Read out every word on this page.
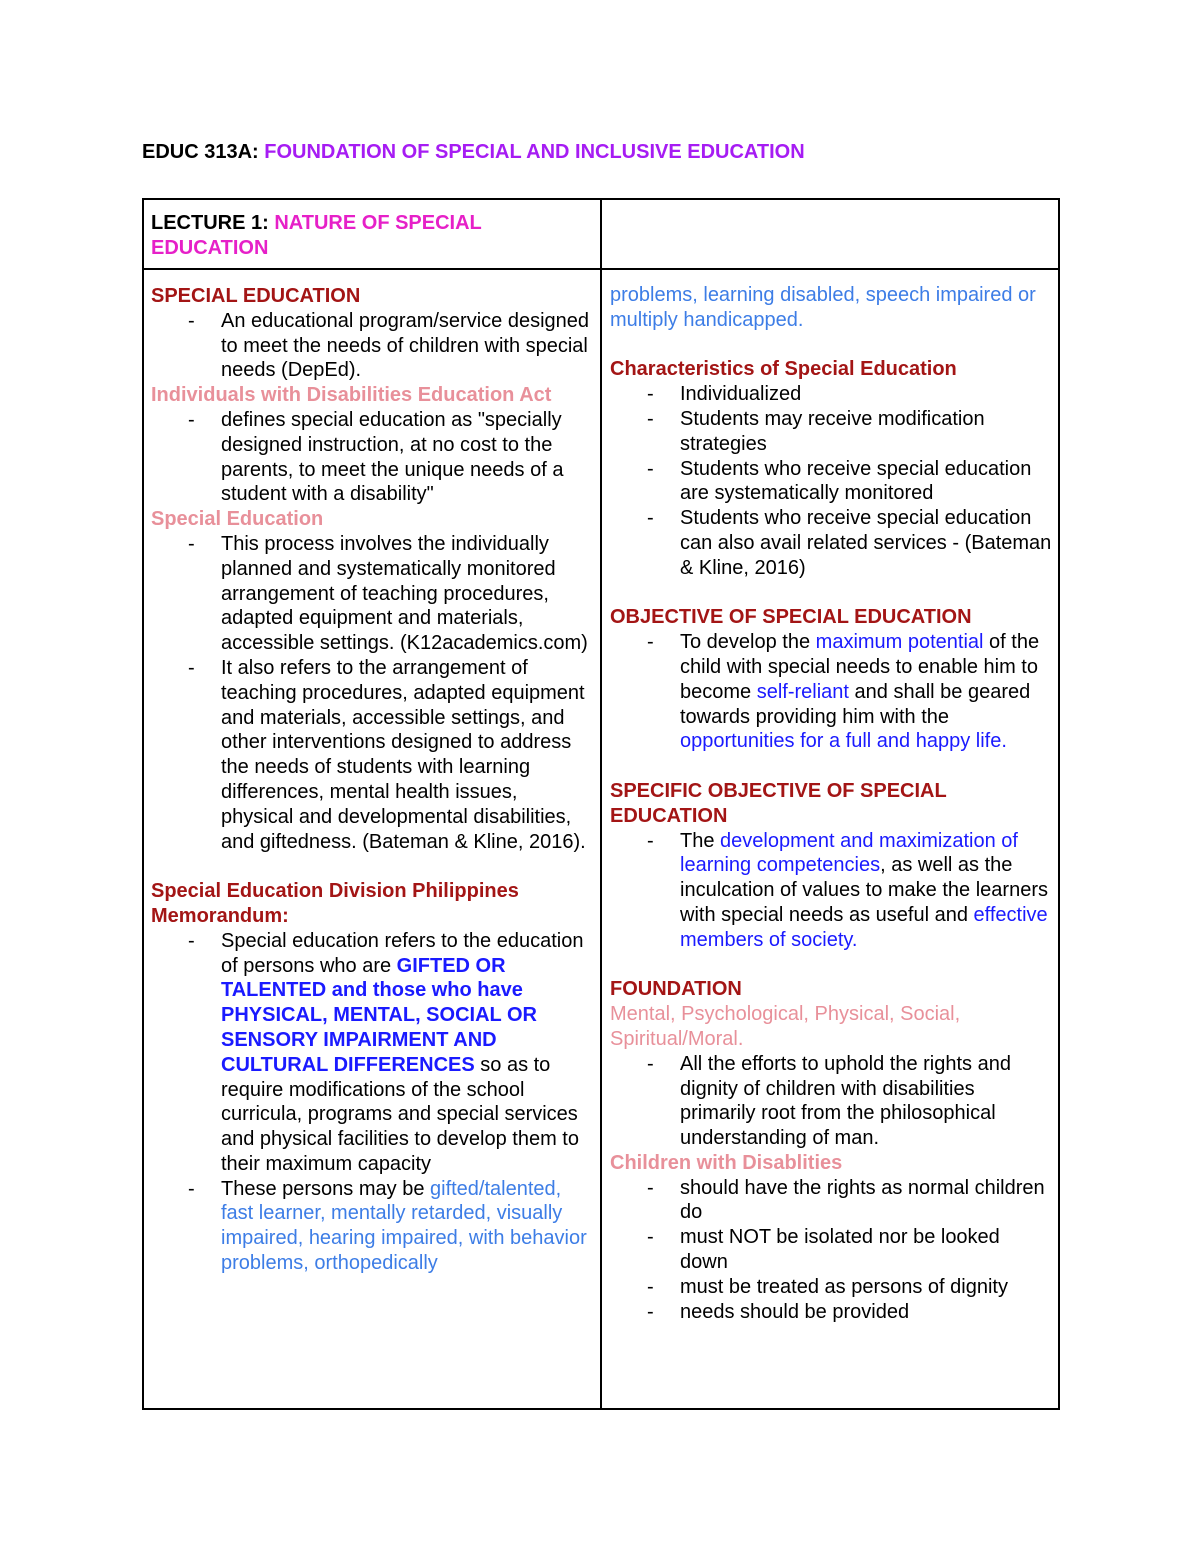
EDUC 313A: FOUNDATION OF SPECIAL AND INCLUSIVE EDUCATION
LECTURE 1: NATURE OF SPECIAL EDUCATION

SPECIAL EDUCATION

- An educational program/service designed to meet the needs of children with special needs (DepEd).

Individuals with Disabilities Education Act

- defines special education as "specially designed instruction, at no cost to the parents, to meet the unique needs of a student with a disability"

Special Education

- This process involves the individually planned and systematically monitored arrangement of teaching procedures, adapted equipment and materials, accessible settings. (K12academics.com)
- It also refers to the arrangement of teaching procedures, adapted equipment and materials, accessible settings, and other interventions designed to address the needs of students with learning differences, mental health issues, physical and developmental disabilities, and giftedness. (Bateman & Kline, 2016).

Special Education Division Philippines Memorandum:

- Special education refers to the education of persons who are GIFTED OR TALENTED and those who have PHYSICAL, MENTAL, SOCIAL OR SENSORY IMPAIRMENT AND CULTURAL DIFFERENCES so as to require modifications of the school curricula, programs and special services and physical facilities to develop them to their maximum capacity
- These persons may be gifted/talented, fast learner, mentally retarded, visually impaired, hearing impaired, with behavior problems, orthopedically

problems, learning disabled, speech impaired or multiply handicapped.

Characteristics of Special Education

- Individualized
- Students may receive modification strategies
- Students who receive special education are systematically monitored
- Students who receive special education can also avail related services - (Bateman & Kline, 2016)

OBJECTIVE OF SPECIAL EDUCATION

- To develop the maximum potential of the child with special needs to enable him to become self-reliant and shall be geared towards providing him with the opportunities for a full and happy life.

SPECIFIC OBJECTIVE OF SPECIAL EDUCATION

- The development and maximization of learning competencies, as well as the inculcation of values to make the learners with special needs as useful and effective members of society.

FOUNDATION

Mental, Psychological, Physical, Social, Spiritual/Moral.

- All the efforts to uphold the rights and dignity of children with disabilities primarily root from the philosophical understanding of man.

Children with Disablities

- should have the rights as normal children do
- must NOT be isolated nor be looked down
- must be treated as persons of dignity
- needs should be provided
